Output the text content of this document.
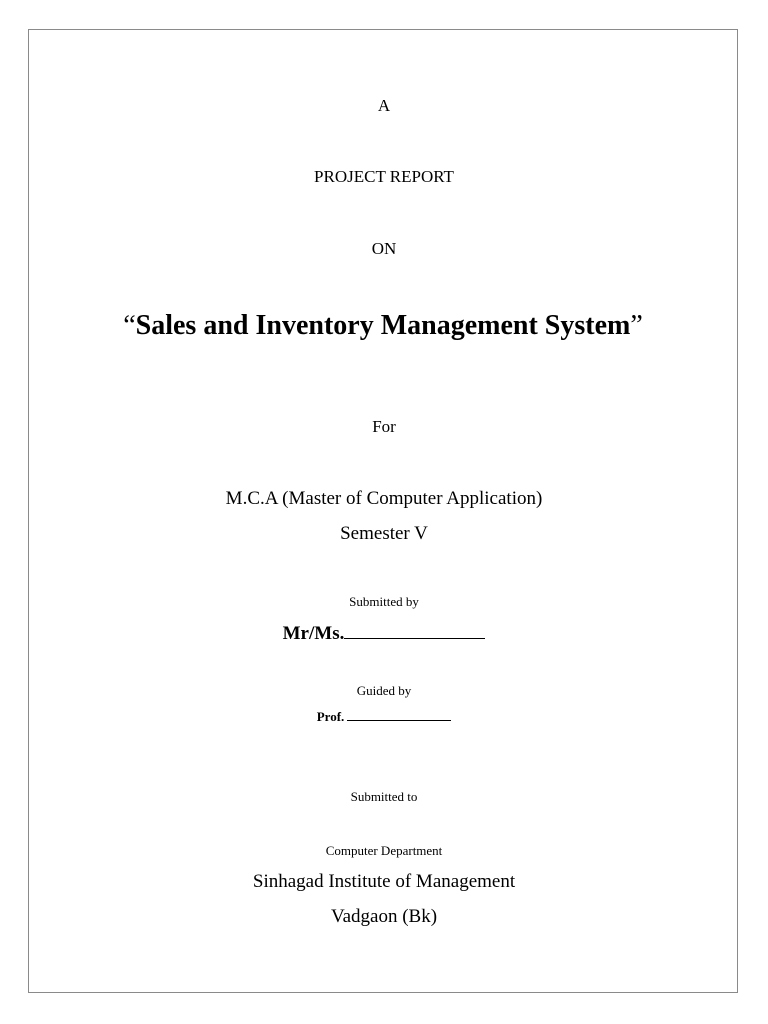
A
PROJECT REPORT
ON
“Sales and Inventory Management System”
For
M.C.A (Master of Computer Application)
Semester V
Submitted by
Mr/Ms.
Guided by
Prof.
Submitted to
Computer Department
Sinhagad Institute of Management
Vadgaon (Bk)
